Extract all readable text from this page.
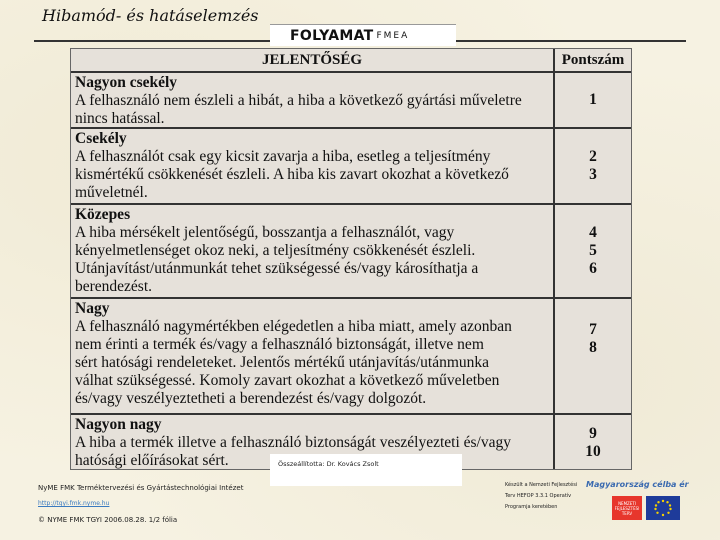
Hibamód- és hatáselemzés
FOLYAMAT FMEA
JELENTŐSÉG	Pontszám
Nagyon csekély
A felhasználó nem észleli a hibát, a hiba a következő gyártási műveletre
nincs hatással.
1
Csekély
A felhasználót csak egy kicsit zavarja a hiba, esetleg a teljesítmény
kismértékű csökkenését észleli. A hiba kis zavart okozhat a következő
műveletnél.
2
3
Közepes
A hiba mérsékelt jelentőségű, bosszantja a felhasználót, vagy
kényelmetlenséget okoz neki, a teljesítmény csökkenését észleli.
Utánjavítást/utánmunkát tehet szükségessé és/vagy károsíthatja a
berendezést.
4
5
6
Nagy
A felhasználó nagymértékben elégedetlen a hiba miatt, amely azonban
nem érinti a termék és/vagy a felhasználó biztonságát, illetve nem
sért hatósági rendeleteket. Jelentős mértékű utánjavítás/utánmunka
válhat szükségessé. Komoly zavart okozhat a következő műveletben
és/vagy veszélyeztetheti a berendezést és/vagy dolgozót.
7
8
Nagyon nagy
A hiba a termék illetve a felhasználó biztonságát veszélyezteti és/vagy
hatósági előírásokat sért.
9
10
Összeállította: Dr. Kovács Zsolt
NyME FMK Terméktervezési és Gyártástechnológiai Intézet
http://tgyi.fmk.nyme.hu
© NYME FMK TGYI 2006.08.28. 1/2 fólia
Készült a Nemzeti Fejlesztési Terv HEFOP 3.3.1 Operatív Programja keretében
Magyarország célba ér
NEMZETI FEJLESZTÉSI TERV
